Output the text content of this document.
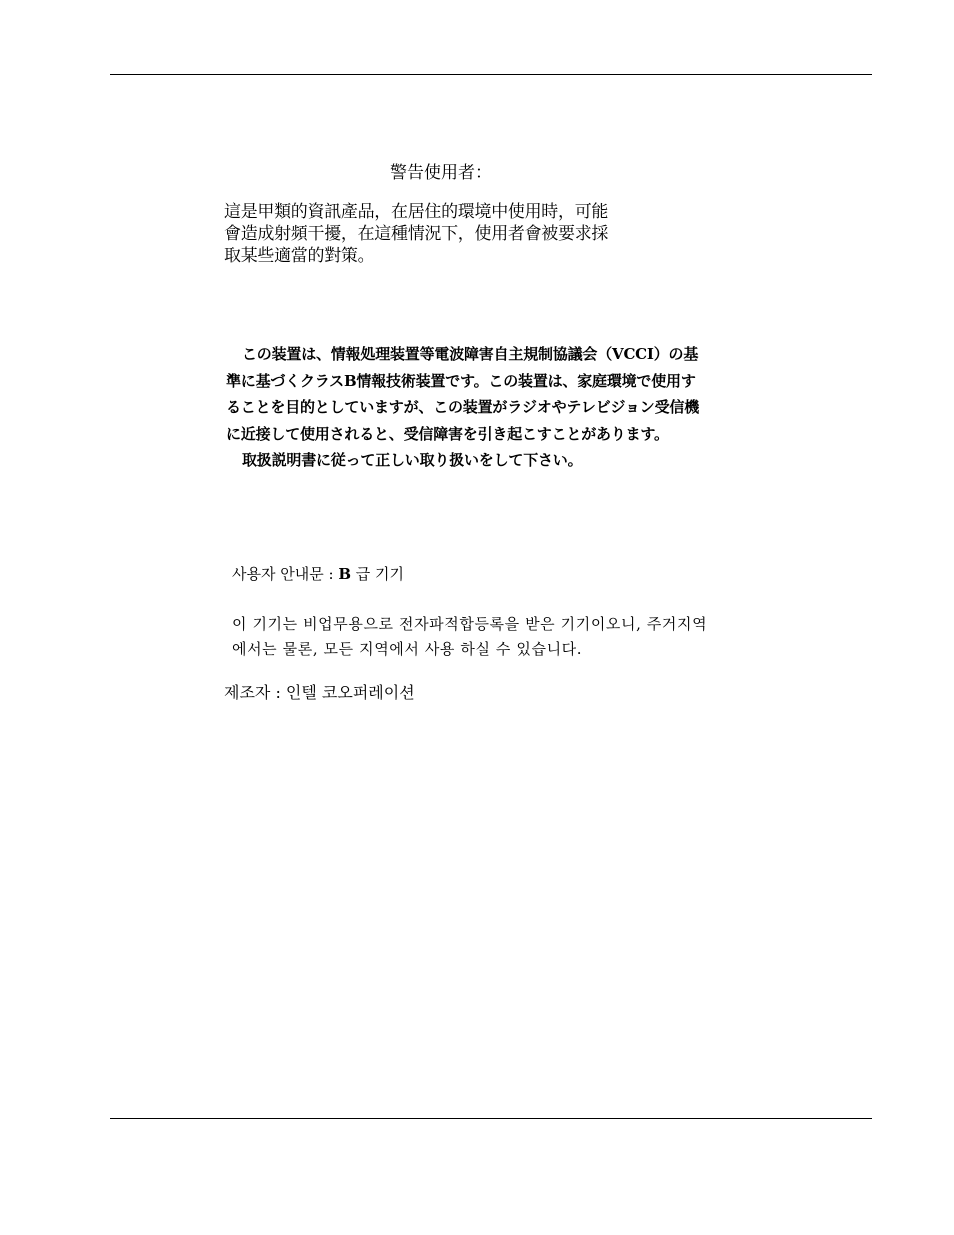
警告使用者：
這是甲類的資訊產品，在居住的環境中使用時，可能
會造成射頻干擾，在這種情況下，使用者會被要求採
取某些適當的對策。
この装置は、情報処理装置等電波障害自主規制協議会（VCCI）の基
準に基づくクラスB情報技術装置です。この装置は、家庭環境で使用す
ることを目的としていますが、この装置がラジオやテレビジョン受信機
に近接して使用されると、受信障害を引き起こすことがあります。
取扱説明書に従って正しい取り扱いをして下さい。
사용자 안내문 : B 급 기기
이 기기는 비업무용으로 전자파적합등록을 받은 기기이오니, 주거지역
에서는 물론, 모든 지역에서 사용 하실 수 있습니다.
제조자 : 인텔 코오퍼레이션
